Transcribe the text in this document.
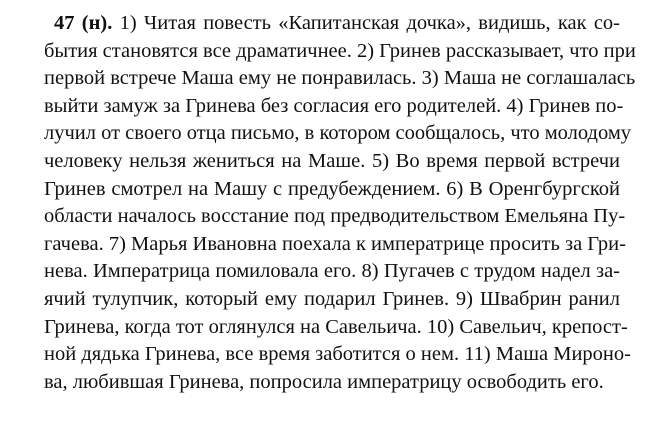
47 (н). 1) Читая повесть «Капитанская дочка», видишь, как со-
бытия становятся все драматичнее. 2) Гринев рассказывает, что при
первой встрече Маша ему не понравилась. 3) Маша не соглашалась
выйти замуж за Гринева без согласия его родителей. 4) Гринев по-
лучил от своего отца письмо, в котором сообщалось, что молодому
человеку нельзя жениться на Маше. 5) Во время первой встречи
Гринев смотрел на Машу с предубеждением. 6) В Оренгбургской
области началось восстание под предводительством Емельяна Пу-
гачева. 7) Марья Ивановна поехала к императрице просить за Гри-
нева. Императрица помиловала его. 8) Пугачев с трудом надел за-
ячий тулупчик, который ему подарил Гринев. 9) Швабрин ранил
Гринева, когда тот оглянулся на Савельича. 10) Савельич, крепост-
ной дядька Гринева, все время заботится о нем. 11) Маша Мироно-
ва, любившая Гринева, попросила императрицу освободить его.
